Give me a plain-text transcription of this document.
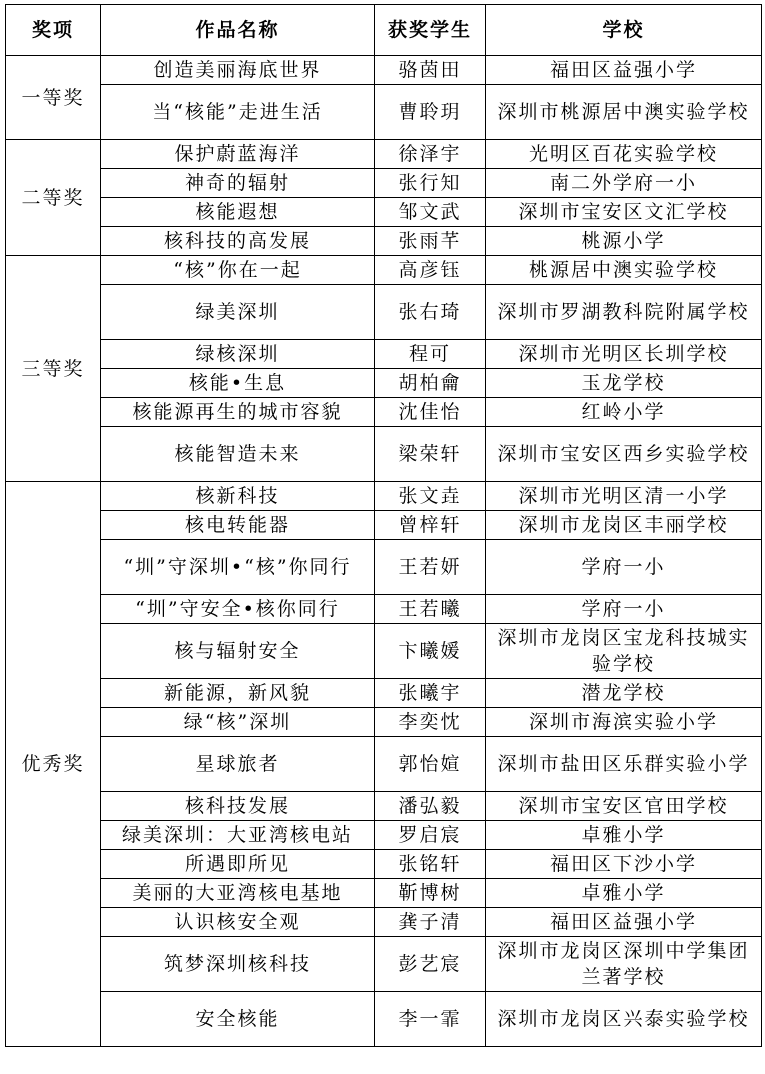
奖项	作品名称	获奖学生	学校
一等奖	创造美丽海底世界	骆茵田	福田区益强小学
	当“核能”走进生活	曹聆玥	深圳市桃源居中澳实验学校
二等奖	保护蔚蓝海洋	徐泽宇	光明区百花实验学校
	神奇的辐射	张行知	南二外学府一小
	核能遐想	邹文武	深圳市宝安区文汇学校
	核科技的高发展	张雨芊	桃源小学
三等奖	“核”你在一起	高彦钰	桃源居中澳实验学校
	绿美深圳	张右琦	深圳市罗湖教科院附属学校
	绿核深圳	程可	深圳市光明区长圳学校
	核能•生息	胡柏龠	玉龙学校
	核能源再生的城市容貌	沈佳怡	红岭小学
	核能智造未来	梁荣轩	深圳市宝安区西乡实验学校
优秀奖	核新科技	张文垚	深圳市光明区清一小学
	核电转能器	曾梓轩	深圳市龙岗区丰丽学校
	“圳”守深圳•“核”你同行	王若妍	学府一小
	“圳”守安全•核你同行	王若曦	学府一小
	核与辐射安全	卞曦媛	深圳市龙岗区宝龙科技城实验学校
	新能源，新风貌	张曦宇	潜龙学校
	绿“核”深圳	李奕忱	深圳市海滨实验小学
	星球旅者	郭怡媗	深圳市盐田区乐群实验小学
	核科技发展	潘弘毅	深圳市宝安区官田学校
	绿美深圳：大亚湾核电站	罗启宸	卓雅小学
	所遇即所见	张铭轩	福田区下沙小学
	美丽的大亚湾核电基地	靳博树	卓雅小学
	认识核安全观	龚子清	福田区益强小学
	筑梦深圳核科技	彭艺宸	深圳市龙岗区深圳中学集团兰著学校
	安全核能	李一霏	深圳市龙岗区兴泰实验学校
